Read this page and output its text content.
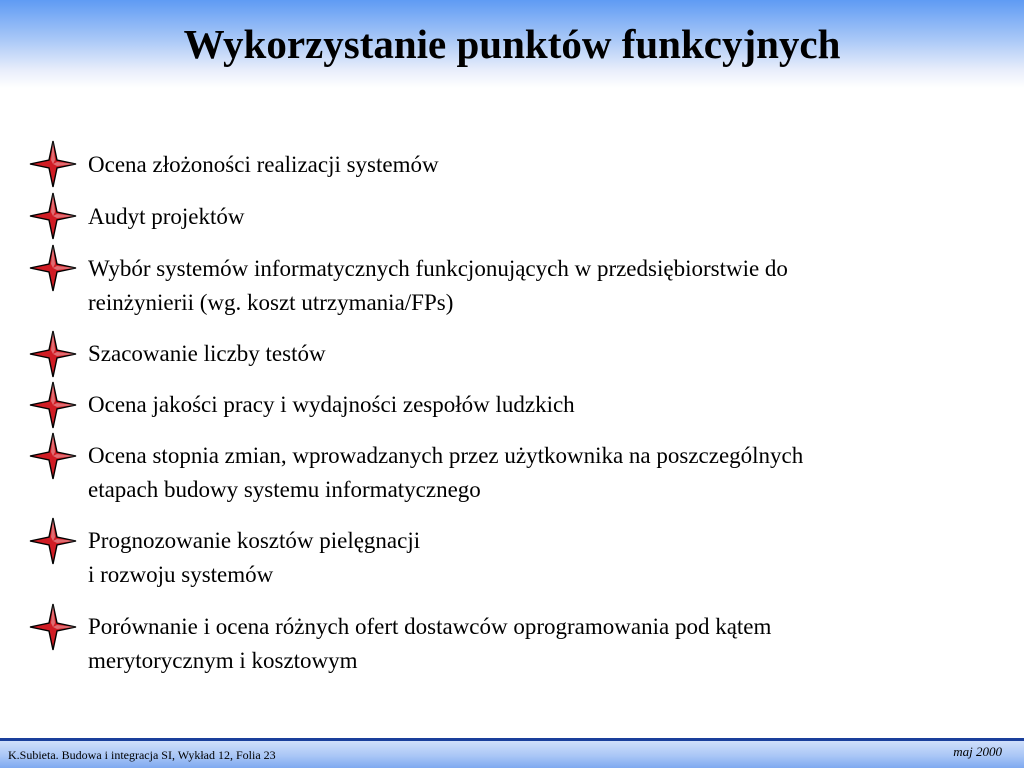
Wykorzystanie punktów funkcyjnych
Ocena złożoności realizacji systemów
Audyt projektów
Wybór systemów informatycznych funkcjonujących w przedsiębiorstwie do
reinżynierii (wg. koszt utrzymania/FPs)
Szacowanie liczby testów
Ocena jakości pracy i wydajności zespołów ludzkich
Ocena stopnia zmian, wprowadzanych przez użytkownika na poszczególnych
etapach budowy systemu informatycznego
Prognozowanie kosztów pielęgnacji
i rozwoju systemów
Porównanie i ocena różnych ofert dostawców oprogramowania pod kątem
merytorycznym i kosztowym
K.Subieta. Budowa i integracja SI, Wykład 12, Folia 23	maj 2000
